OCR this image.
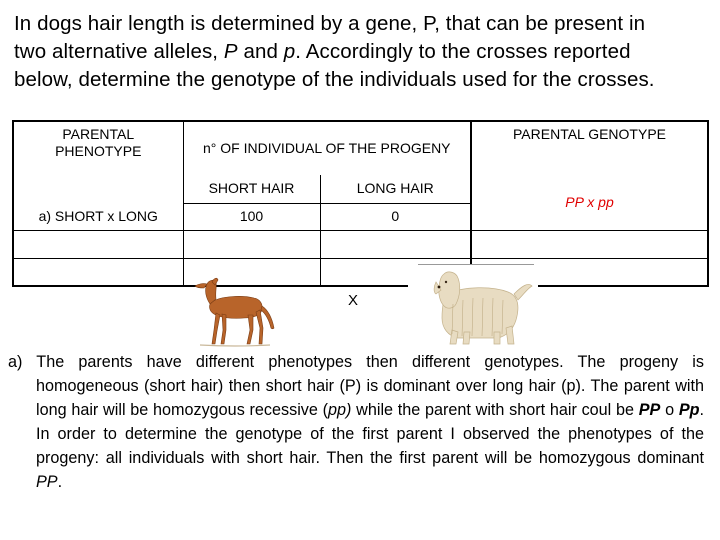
In dogs hair length is determined by a gene, P, that can be present in

two alternative alleles, P and p. Accordingly to the crosses reported

below, determine the genotype of the individuals used for the crosses.

PARENTAL
PHENOTYPE	n° OF INDIVIDUAL OF THE PROGENY		PARENTAL GENOTYPE

	SHORT HAIR	LONG HAIR	PP x pp
a) SHORT x LONG	100	0	

X

a) The parents have different phenotypes then different genotypes. The progeny is homogeneous (short hair) then short hair (P) is dominant over long hair (p). The parent with long hair will be homozygous recessive (pp) while the parent with short hair coul be PP o Pp. In order to determine the genotype of the first parent I observed the phenotypes of the progeny: all individuals with short hair. Then the first parent will be homozygous dominant PP.
